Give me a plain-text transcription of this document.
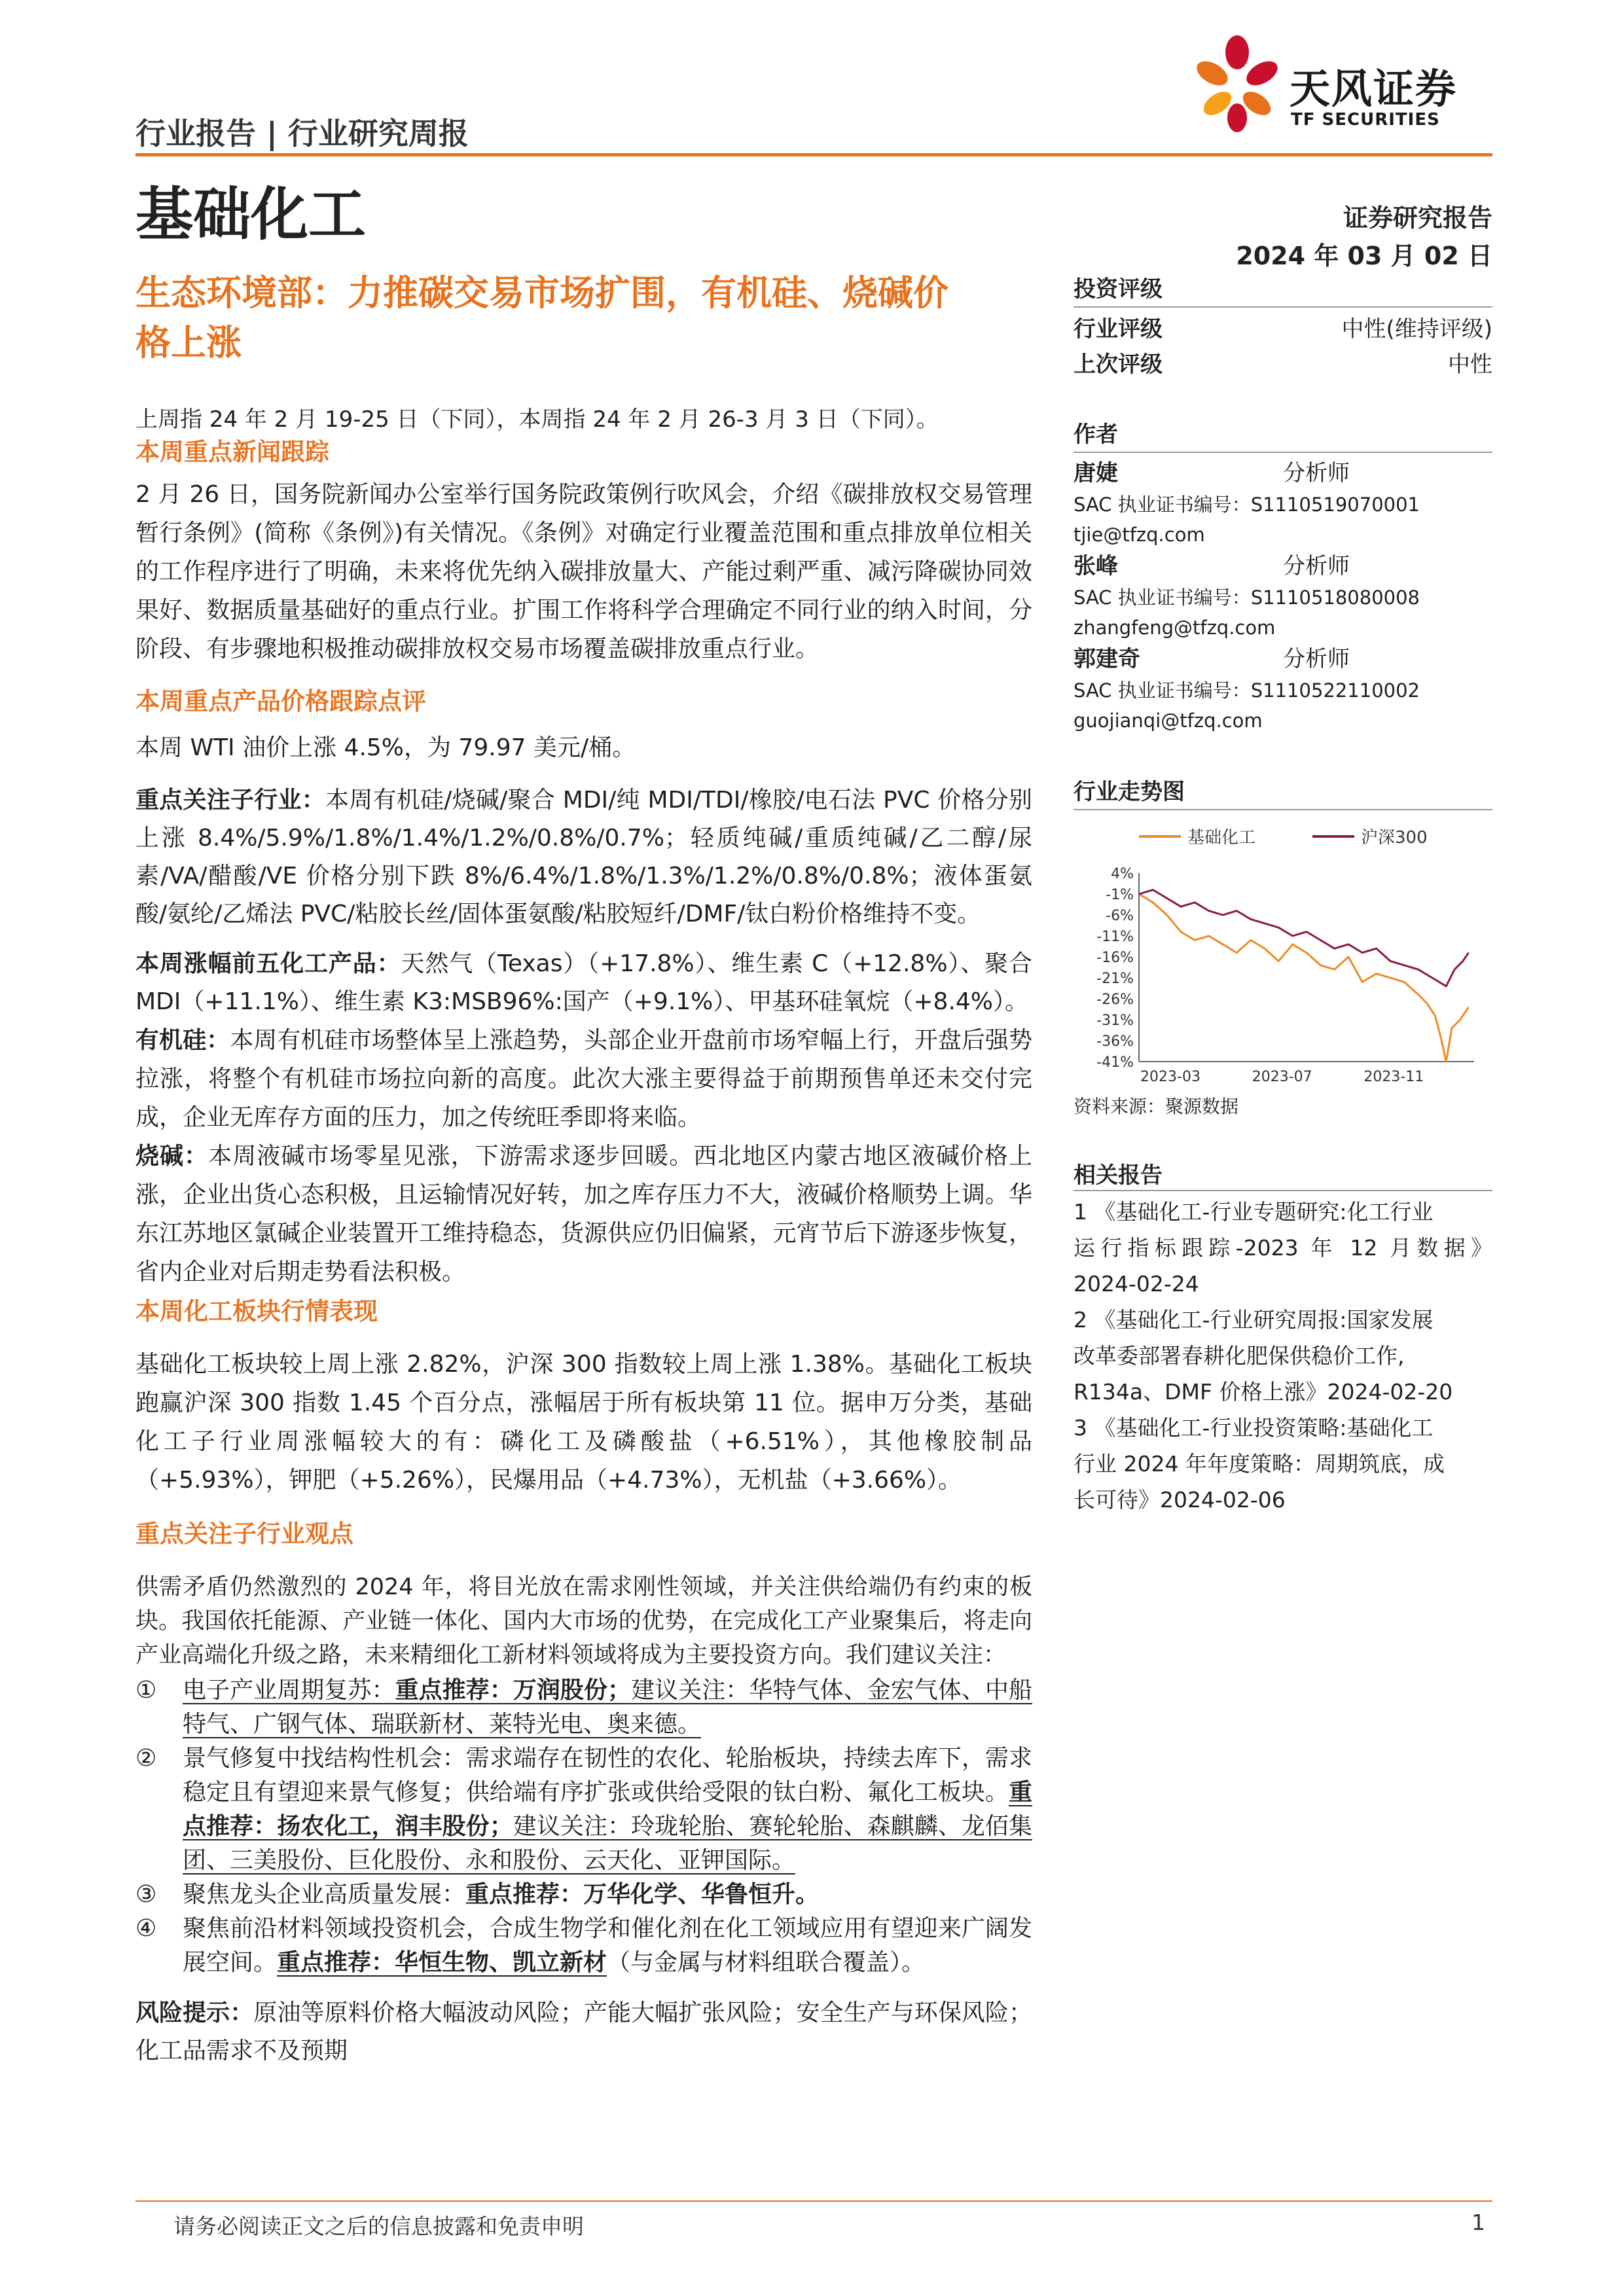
行业报告 | 行业研究周报
天风证券
TF SECURITIES
基础化工	证券研究报告
2024 年 03 月 02 日
生态环境部：力推碳交易市场扩围，有机硅、烧碱价
格上涨

上周指 24 年 2 月 19-25 日（下同），本周指 24 年 2 月 26-3 月 3 日（下同）。

本周重点新闻跟踪

2 月 26 日，国务院新闻办公室举行国务院政策例行吹风会，介绍《碳排放权交易管理暂行条例》(简称《条例》)有关情况。《条例》对确定行业覆盖范围和重点排放单位相关的工作程序进行了明确，未来将优先纳入碳排放量大、产能过剩严重、减污降碳协同效果好、数据质量基础好的重点行业。扩围工作将科学合理确定不同行业的纳入时间，分阶段、有步骤地积极推动碳排放权交易市场覆盖碳排放重点行业。

本周重点产品价格跟踪点评

本周 WTI 油价上涨 4.5%，为 79.97 美元/桶。

重点关注子行业：本周有机硅/烧碱/聚合 MDI/纯 MDI/TDI/橡胶/电石法 PVC 价格分别上涨 8.4%/5.9%/1.8%/1.4%/1.2%/0.8%/0.7%；轻质纯碱/重质纯碱/乙二醇/尿素/VA/醋酸/VE 价格分别下跌 8%/6.4%/1.8%/1.3%/1.2%/0.8%/0.8%；液体蛋氨酸/氨纶/乙烯法 PVC/粘胶长丝/固体蛋氨酸/粘胶短纤/DMF/钛白粉价格维持不变。

本周涨幅前五化工产品：天然气（Texas）（+17.8%）、维生素 C（+12.8%）、聚合 MDI（+11.1%）、维生素 K3:MSB96%:国产（+9.1%）、甲基环硅氧烷（+8.4%）。

有机硅：本周有机硅市场整体呈上涨趋势，头部企业开盘前市场窄幅上行，开盘后强势拉涨，将整个有机硅市场拉向新的高度。此次大涨主要得益于前期预售单还未交付完成，企业无库存方面的压力，加之传统旺季即将来临。

烧碱：本周液碱市场零星见涨，下游需求逐步回暖。西北地区内蒙古地区液碱价格上涨，企业出货心态积极，且运输情况好转，加之库存压力不大，液碱价格顺势上调。华东江苏地区氯碱企业装置开工维持稳态，货源供应仍旧偏紧，元宵节后下游逐步恢复，省内企业对后期走势看法积极。

本周化工板块行情表现

基础化工板块较上周上涨 2.82%，沪深 300 指数较上周上涨 1.38%。基础化工板块跑赢沪深 300 指数 1.45 个百分点，涨幅居于所有板块第 11 位。据申万分类，基础化工子行业周涨幅较大的有：磷化工及磷酸盐（+6.51%），其他橡胶制品（+5.93%），钾肥（+5.26%），民爆用品（+4.73%），无机盐（+3.66%）。

重点关注子行业观点

供需矛盾仍然激烈的 2024 年，将目光放在需求刚性领域，并关注供给端仍有约束的板块。我国依托能源、产业链一体化、国内大市场的优势，在完成化工产业聚集后，将走向产业高端化升级之路，未来精细化工新材料领域将成为主要投资方向。我们建议关注：

①	电子产业周期复苏：重点推荐：万润股份；建议关注：华特气体、金宏气体、中船特气、广钢气体、瑞联新材、莱特光电、奥来德。
②	景气修复中找结构性机会：需求端存在韧性的农化、轮胎板块，持续去库下，需求稳定且有望迎来景气修复；供给端有序扩张或供给受限的钛白粉、氟化工板块。重点推荐：扬农化工，润丰股份；建议关注：玲珑轮胎、赛轮轮胎、森麒麟、龙佰集团、三美股份、巨化股份、永和股份、云天化、亚钾国际。
③	聚焦龙头企业高质量发展：重点推荐：万华化学、华鲁恒升。
④	聚焦前沿材料领域投资机会，合成生物学和催化剂在化工领域应用有望迎来广阔发展空间。重点推荐：华恒生物、凯立新材（与金属与材料组联合覆盖）。

风险提示：原油等原料价格大幅波动风险；产能大幅扩张风险；安全生产与环保风险；化工品需求不及预期

投资评级
行业评级	中性(维持评级)
上次评级	中性
作者
唐婕	分析师
SAC 执业证书编号：S1110519070001
tjie@tfzq.com
张峰	分析师
SAC 执业证书编号：S1110518080008
zhangfeng@tfzq.com
郭建奇	分析师
SAC 执业证书编号：S1110522110002
guojianqi@tfzq.com
行业走势图
基础化工	沪深300
4%
-1%
-6%
-11%
-16%
-21%
-26%
-31%
-36%
-41%
2023-03	2023-07	2023-11
资料来源：聚源数据
相关报告
1 《基础化工-行业专题研究:化工行业
运行指标跟踪-2023 年 12 月数据》
2024-02-24
2 《基础化工-行业研究周报:国家发展
改革委部署春耕化肥保供稳价工作,
R134a、DMF 价格上涨》2024-02-20
3 《基础化工-行业投资策略:基础化工
行业 2024 年年度策略：周期筑底，成
长可待》2024-02-06
请务必阅读正文之后的信息披露和免责申明	1
